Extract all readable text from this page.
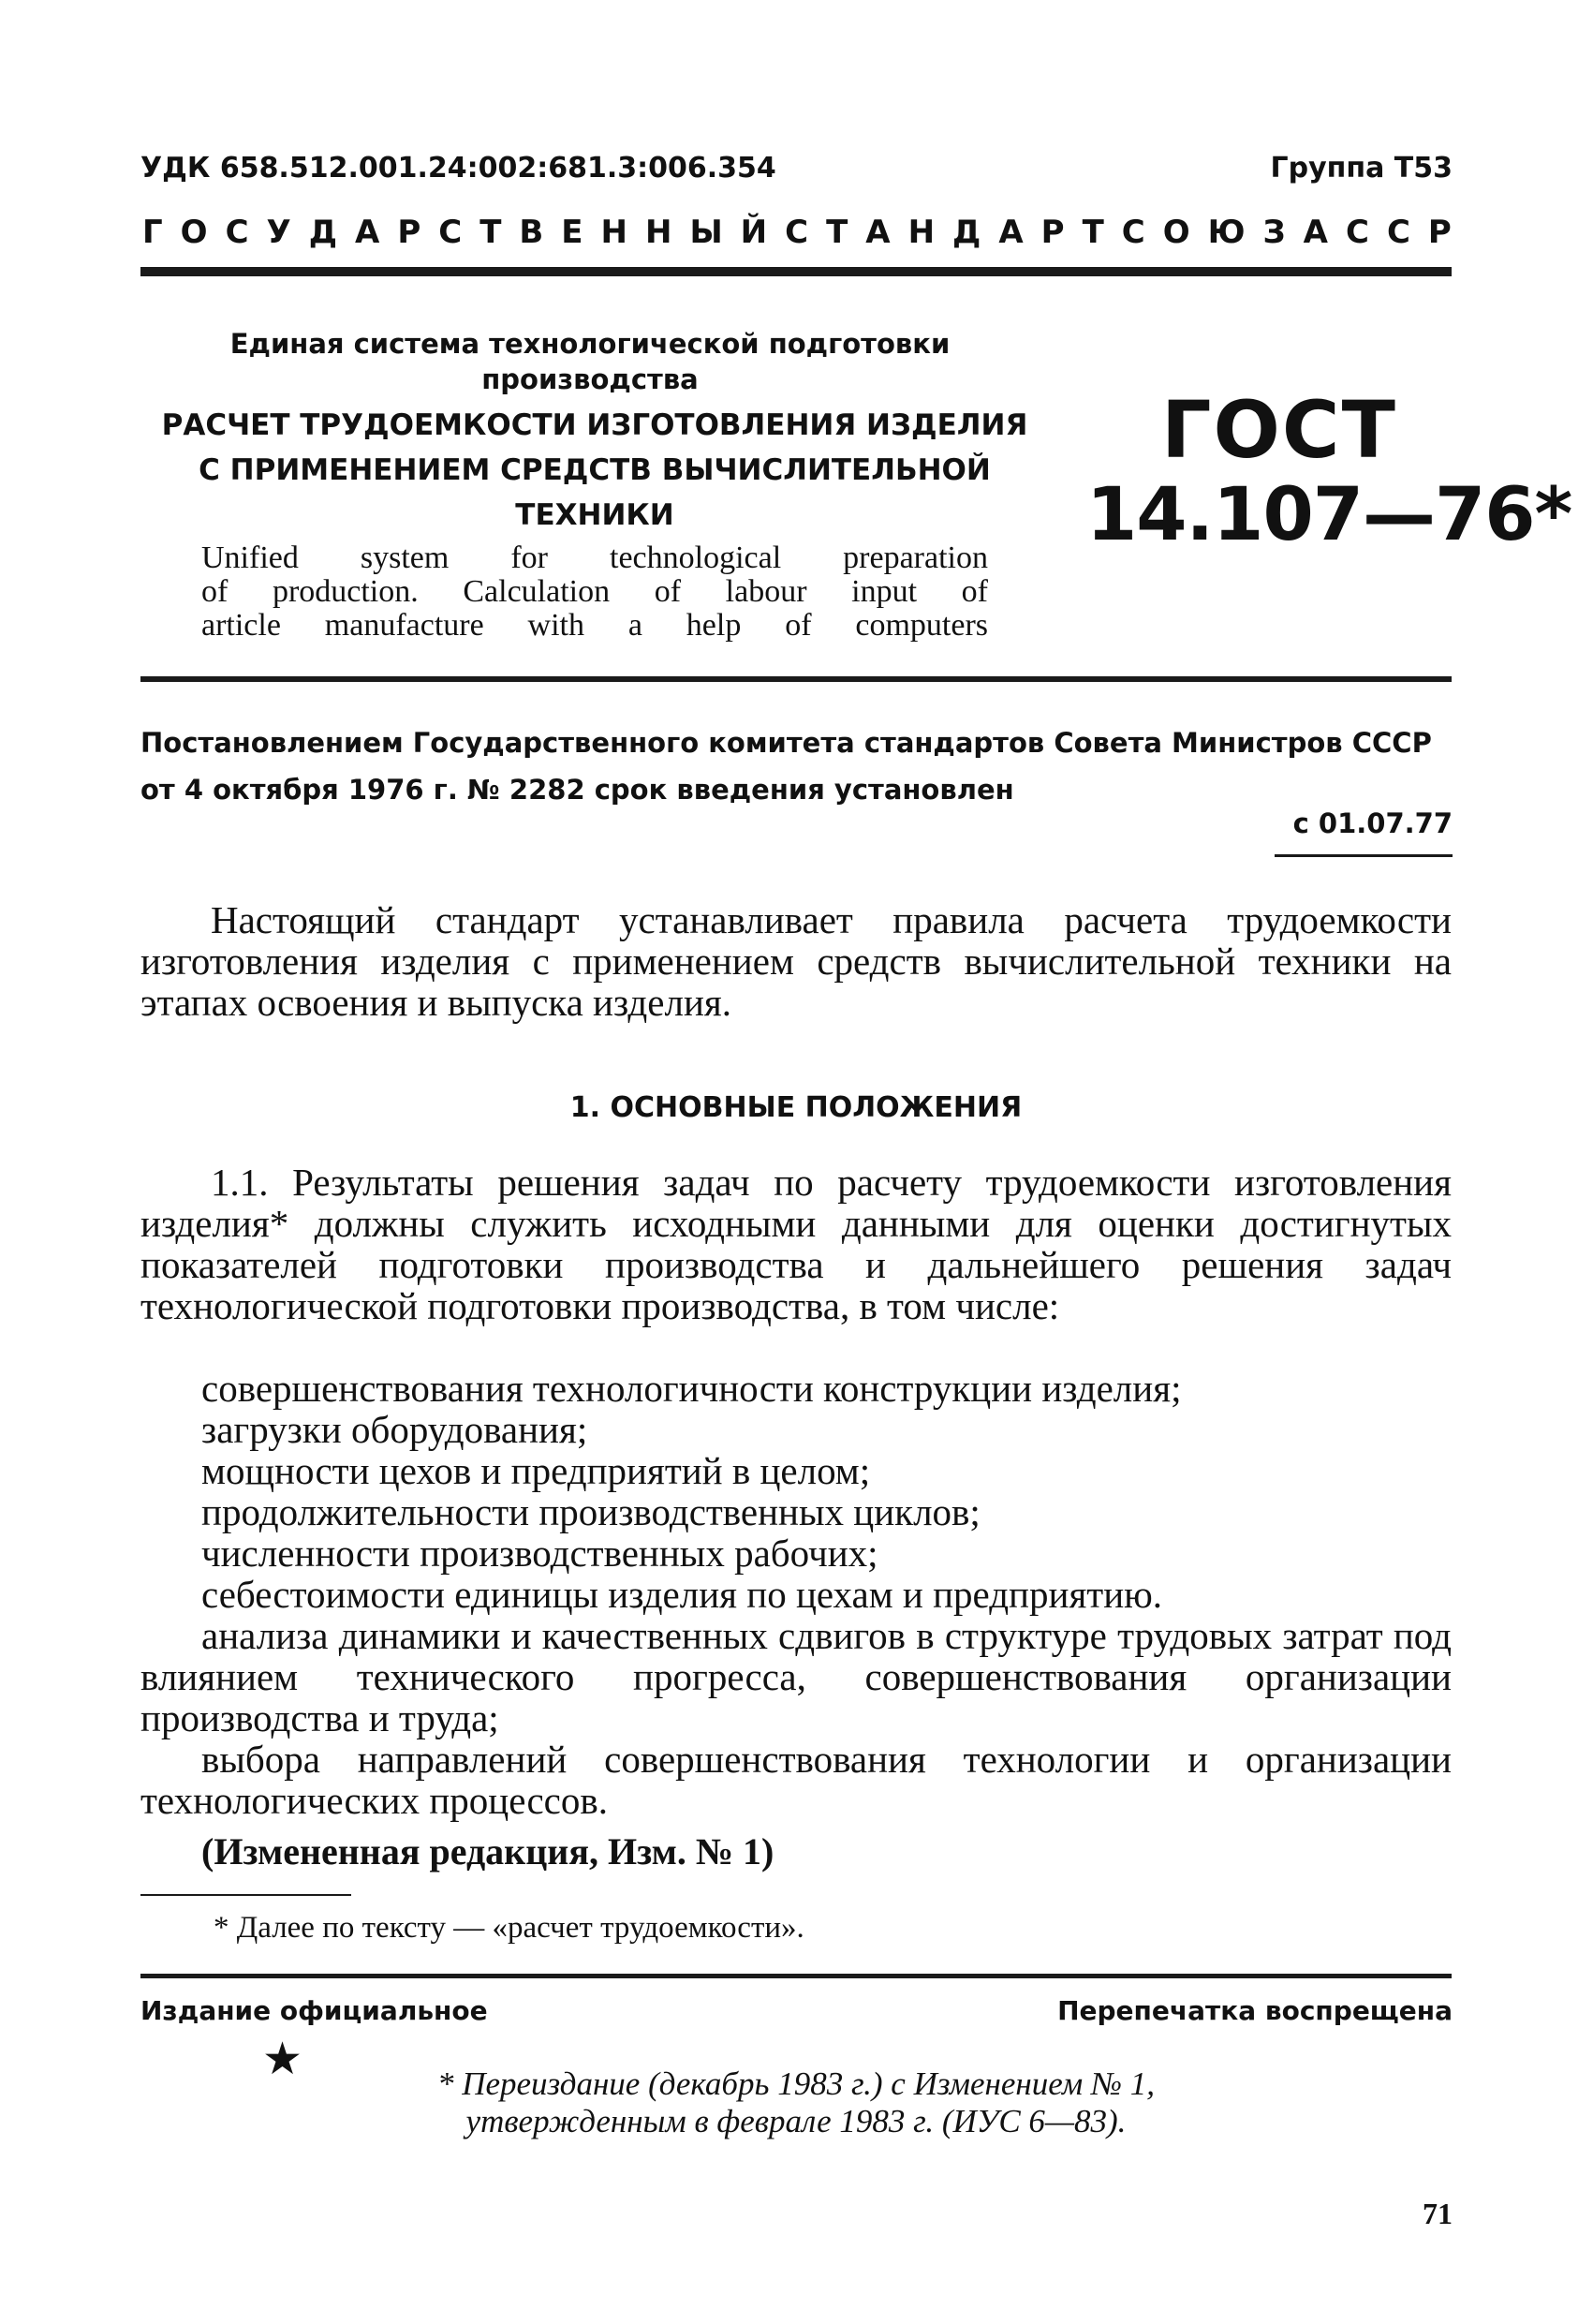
УДК 658.512.001.24:002:681.3:006.354	Группа Т53
ГОСУДАРСТВЕННЫЙ СТАНДАРТ СОЮЗА ССР
Единая система технологической подготовки производства
РАСЧЕТ ТРУДОЕМКОСТИ ИЗГОТОВЛЕНИЯ ИЗДЕЛИЯ С ПРИМЕНЕНИЕМ СРЕДСТВ ВЫЧИСЛИТЕЛЬНОЙ ТЕХНИКИ
Unified system for technological preparation
of production. Calculation of labour input of
article manufacture with a help of computers
ГОСТ
14.107—76*
Постановлением Государственного комитета стандартов Совета Министров СССР от 4 октября 1976 г. № 2282 срок введения установлен
с 01.07.77
Настоящий стандарт устанавливает правила расчета трудоемкости изготовления изделия с применением средств вычислительной техники на этапах освоения и выпуска изделия.
1. ОСНОВНЫЕ ПОЛОЖЕНИЯ
1.1. Результаты решения задач по расчету трудоемкости изготовления изделия* должны служить исходными данными для оценки достигнутых показателей подготовки производства и дальнейшего решения задач технологической подготовки производства, в том числе:
совершенствования технологичности конструкции изделия;
загрузки оборудования;
мощности цехов и предприятий в целом;
продолжительности производственных циклов;
численности производственных рабочих;
себестоимости единицы изделия по цехам и предприятию.
анализа динамики и качественных сдвигов в структуре трудовых затрат под влиянием технического прогресса, совершенствования организации производства и труда;
выбора направлений совершенствования технологии и организации технологических процессов.
(Измененная редакция, Изм. № 1)
* Далее по тексту — «расчет трудоемкости».
Издание официальное	Перепечатка воспрещена
★	* Переиздание (декабрь 1983 г.) с Изменением № 1, утвержденным в феврале 1983 г. (ИУС 6—83).
71
